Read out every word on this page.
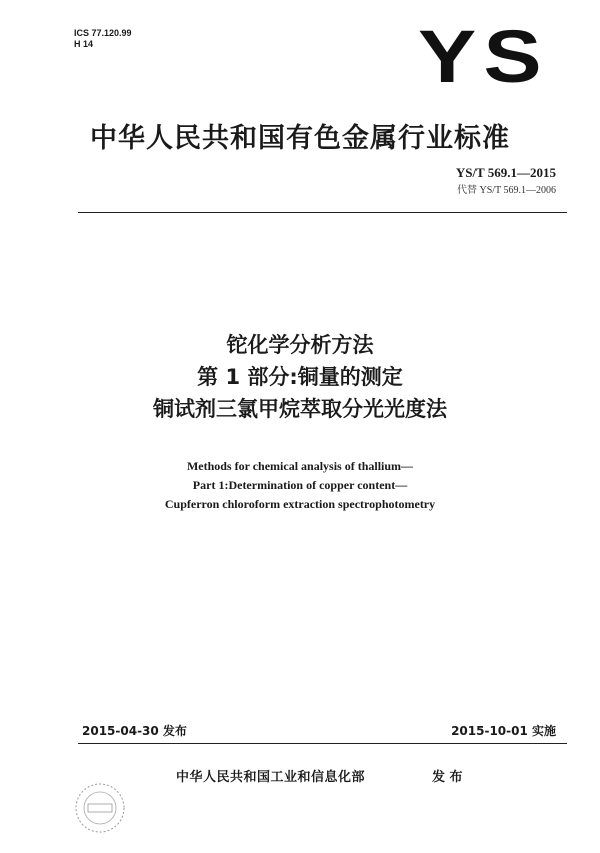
ICS 77.120.99
H 14	YS
中华人民共和国有色金属行业标准
YS/T 569.1—2015
代替 YS/T 569.1—2006
铊化学分析方法
第 1 部分:铜量的测定
铜试剂三氯甲烷萃取分光光度法
Methods for chemical analysis of thallium—
Part 1:Determination of copper content—
Cupferron chloroform extraction spectrophotometry
2015-04-30 发布	2015-10-01 实施
中华人民共和国工业和信息化部	发 布
